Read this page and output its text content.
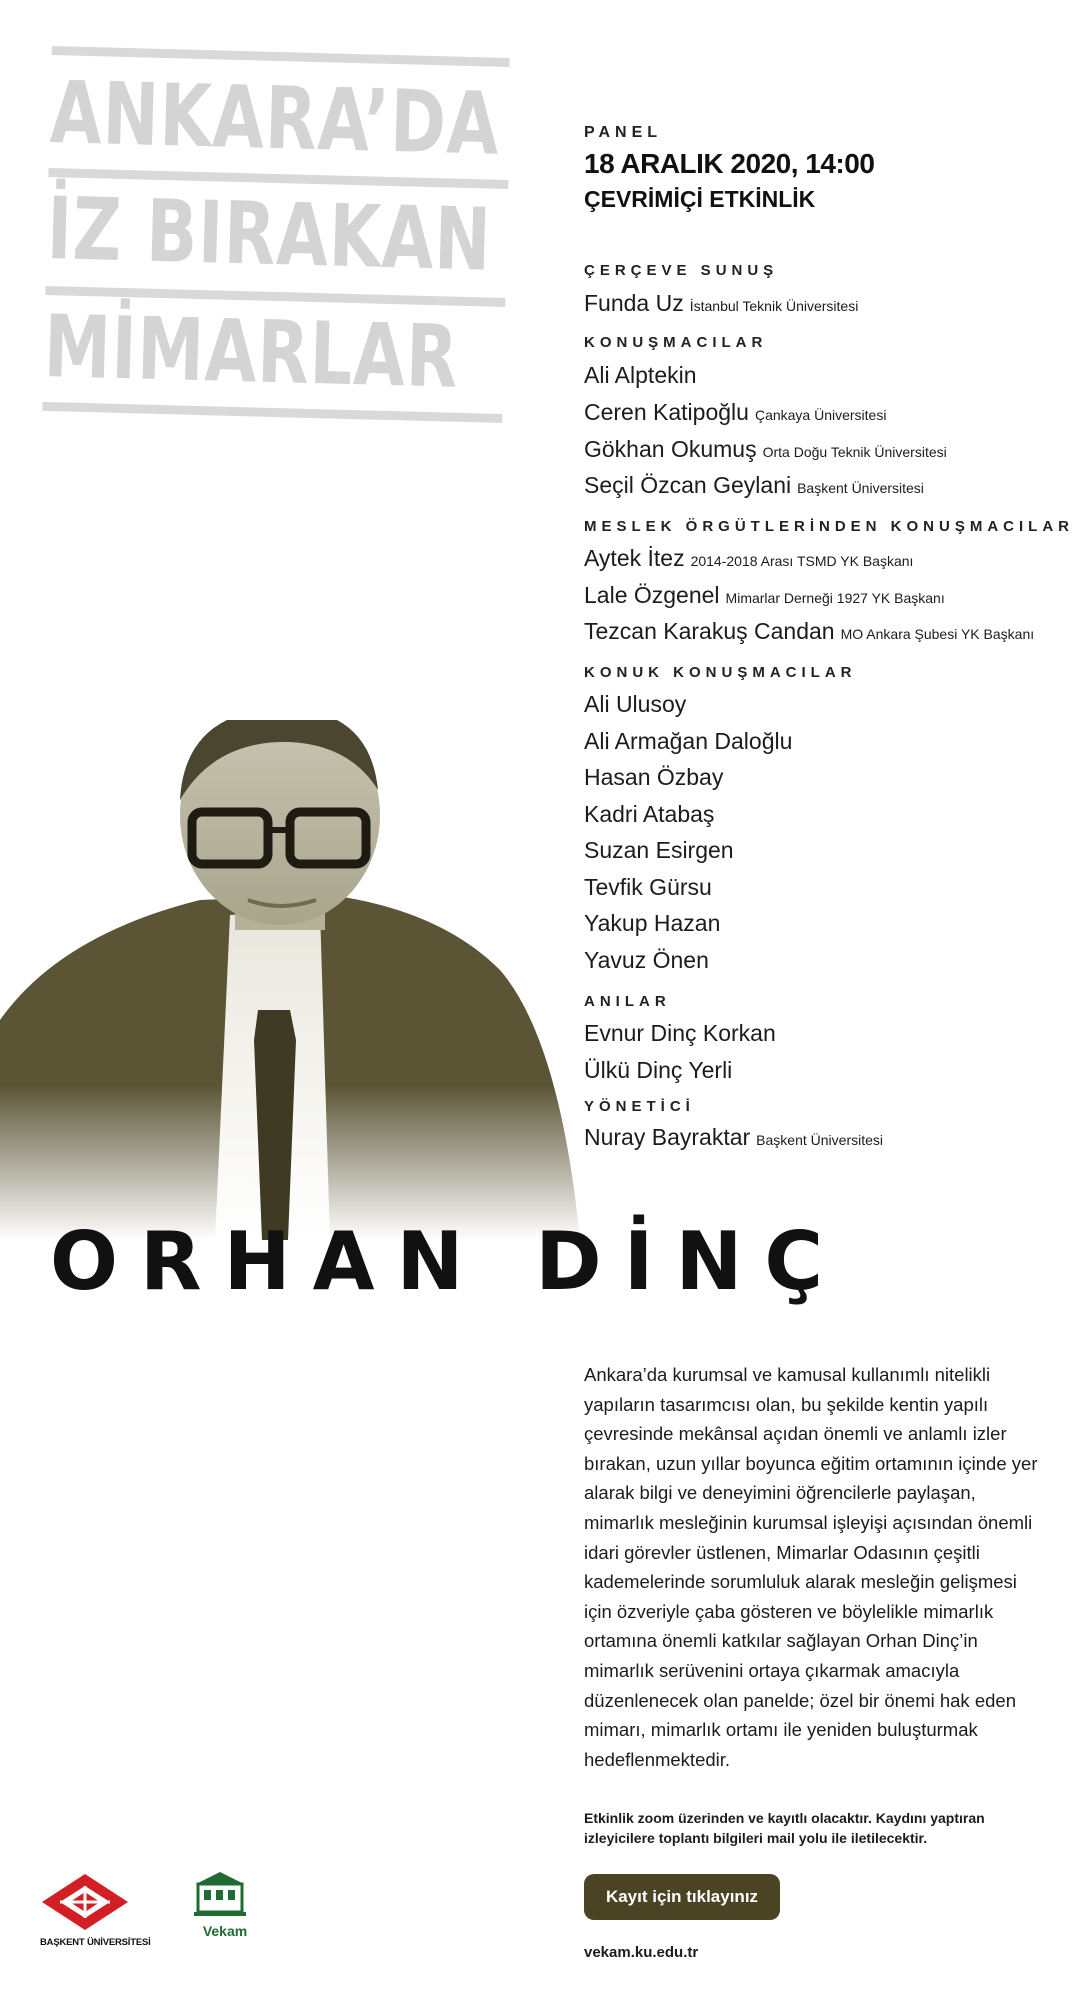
ANKARA’DA
İZ BIRAKAN
MİMARLAR
PANEL
18 ARALIK 2020, 14:00
ÇEVRİMİÇİ ETKİNLİK
ÇERÇEVE SUNUŞ
Funda Uz İstanbul Teknik Üniversitesi
KONUŞMACILAR
Ali Alptekin
Ceren Katipoğlu Çankaya Üniversitesi
Gökhan Okumuş Orta Doğu Teknik Üniversitesi
Seçil Özcan Geylani Başkent Üniversitesi
MESLEK ÖRGÜTLERİNDEN KONUŞMACILAR
Aytek İtez 2014-2018 Arası TSMD YK Başkanı
Lale Özgenel Mimarlar Derneği 1927 YK Başkanı
Tezcan Karakuş Candan MO Ankara Şubesi YK Başkanı
KONUK KONUŞMACILAR
Ali Ulusoy
Ali Armağan Daloğlu
Hasan Özbay
Kadri Atabaş
Suzan Esirgen
Tevfik Gürsu
Yakup Hazan
Yavuz Önen
ANILAR
Evnur Dinç Korkan
Ülkü Dinç Yerli
YÖNETİCİ
Nuray Bayraktar Başkent Üniversitesi
ORHAN DİNÇ
Ankara’da kurumsal ve kamusal kullanımlı nitelikli yapıların tasarımcısı olan, bu şekilde kentin yapılı çevresinde mekânsal açıdan önemli ve anlamlı izler bırakan, uzun yıllar boyunca eğitim ortamının içinde yer alarak bilgi ve deneyimini öğrencilerle paylaşan, mimarlık mesleğinin kurumsal işleyişi açısından önemli idari görevler üstlenen, Mimarlar Odasının çeşitli kademelerinde sorumluluk alarak mesleğin gelişmesi için özveriyle çaba gösteren ve böylelikle mimarlık ortamına önemli katkılar sağlayan Orhan Dinç’in mimarlık serüvenini ortaya çıkarmak amacıyla düzenlenecek olan panelde; özel bir önemi hak eden mimarı, mimarlık ortamı ile yeniden buluşturmak hedeflenmektedir.
Etkinlik zoom üzerinden ve kayıtlı olacaktır. Kaydını yaptıran izleyicilere toplantı bilgileri mail yolu ile iletilecektir.
Kayıt için tıklayınız
vekam.ku.edu.tr
BAŞKENT ÜNİVERSİTESİ
Vekam
